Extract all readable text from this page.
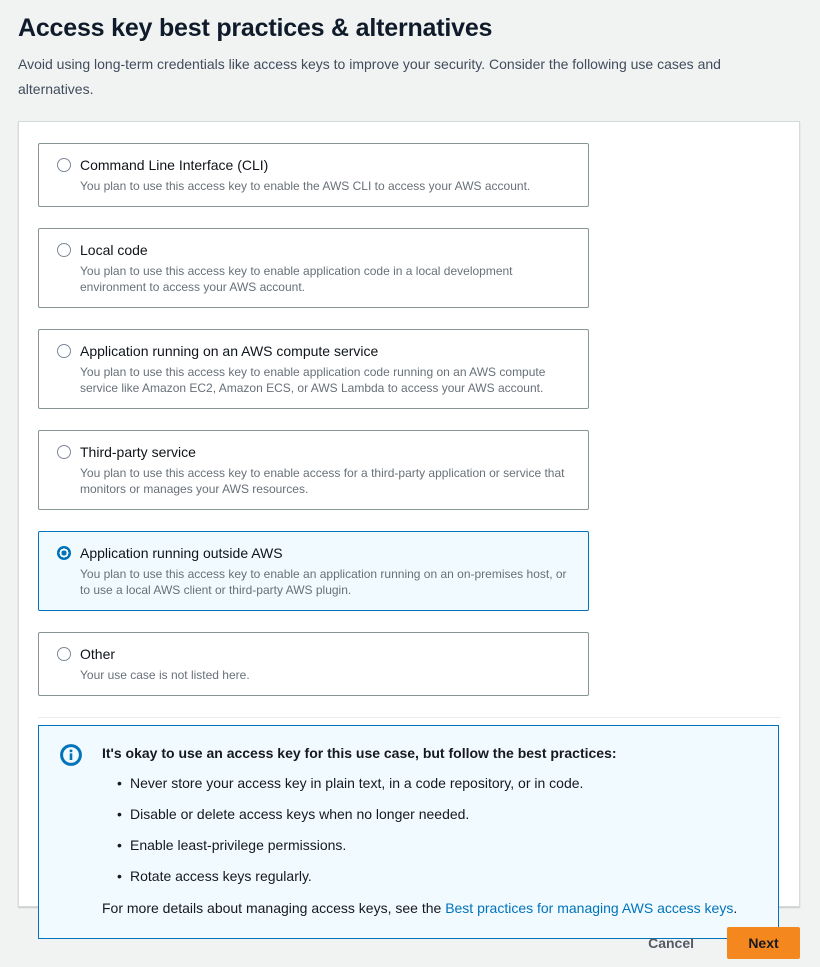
Access key best practices & alternatives

Avoid using long-term credentials like access keys to improve your security. Consider the following use cases and alternatives.

Command Line Interface (CLI)
You plan to use this access key to enable the AWS CLI to access your AWS account.
Local code
You plan to use this access key to enable application code in a local development environment to access your AWS account.
Application running on an AWS compute service
You plan to use this access key to enable application code running on an AWS compute service like Amazon EC2, Amazon ECS, or AWS Lambda to access your AWS account.
Third-party service
You plan to use this access key to enable access for a third-party application or service that monitors or manages your AWS resources.
Application running outside AWS
You plan to use this access key to enable an application running on an on-premises host, or to use a local AWS client or third-party AWS plugin.
Other
Your use case is not listed here.

It's okay to use an access key for this use case, but follow the best practices:

• Never store your access key in plain text, in a code repository, or in code.
• Disable or delete access keys when no longer needed.
• Enable least-privilege permissions.
• Rotate access keys regularly.
For more details about managing access keys, see the Best practices for managing AWS access keys.
Cancel	Next
